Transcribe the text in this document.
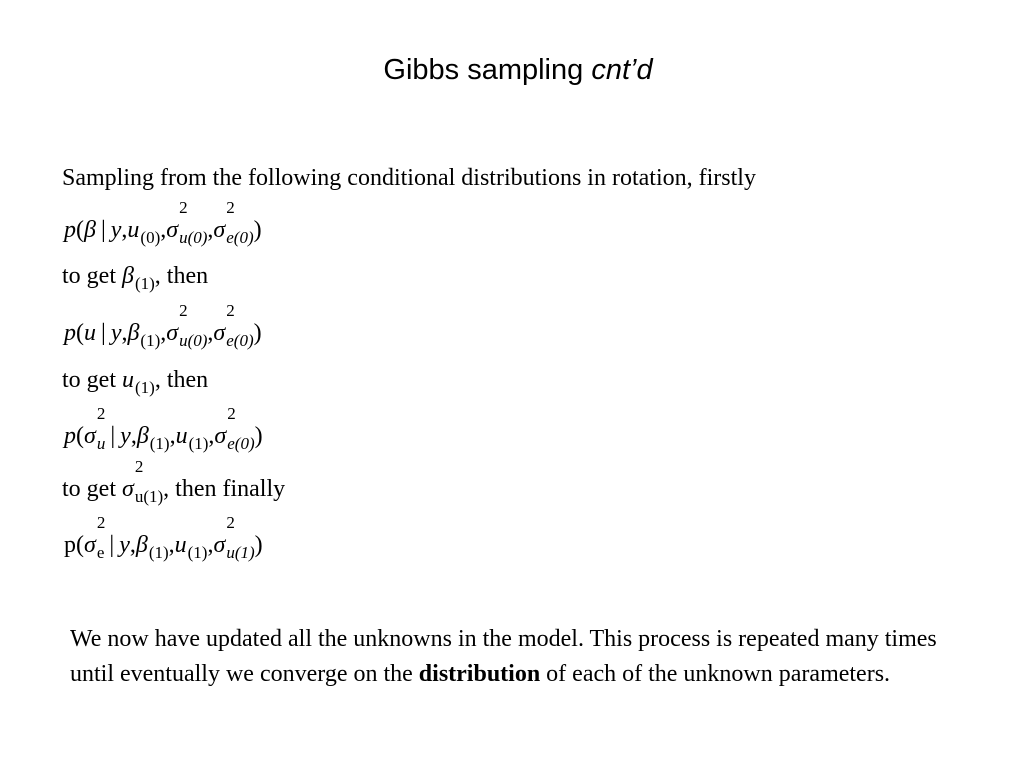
Gibbs sampling cnt’d
Sampling from the following conditional distributions in rotation, firstly
p(β | y,u(0),σ
2
u(0),σ
2
e(0))
to get β(1), then
p(u | y,β(1),σ
2
u(0),σ
2
e(0))
to get u(1), then
p(σ
2
u | y,β(1),u(1),σ
2
e(0))
to get σ
2
u(1), then finally
p(σ
2
e | y,β(1),u(1),σ
2
u(1))
We now have updated all the unknowns in the model. This process is repeated many times until eventually we converge on the distribution of each of the unknown parameters.
